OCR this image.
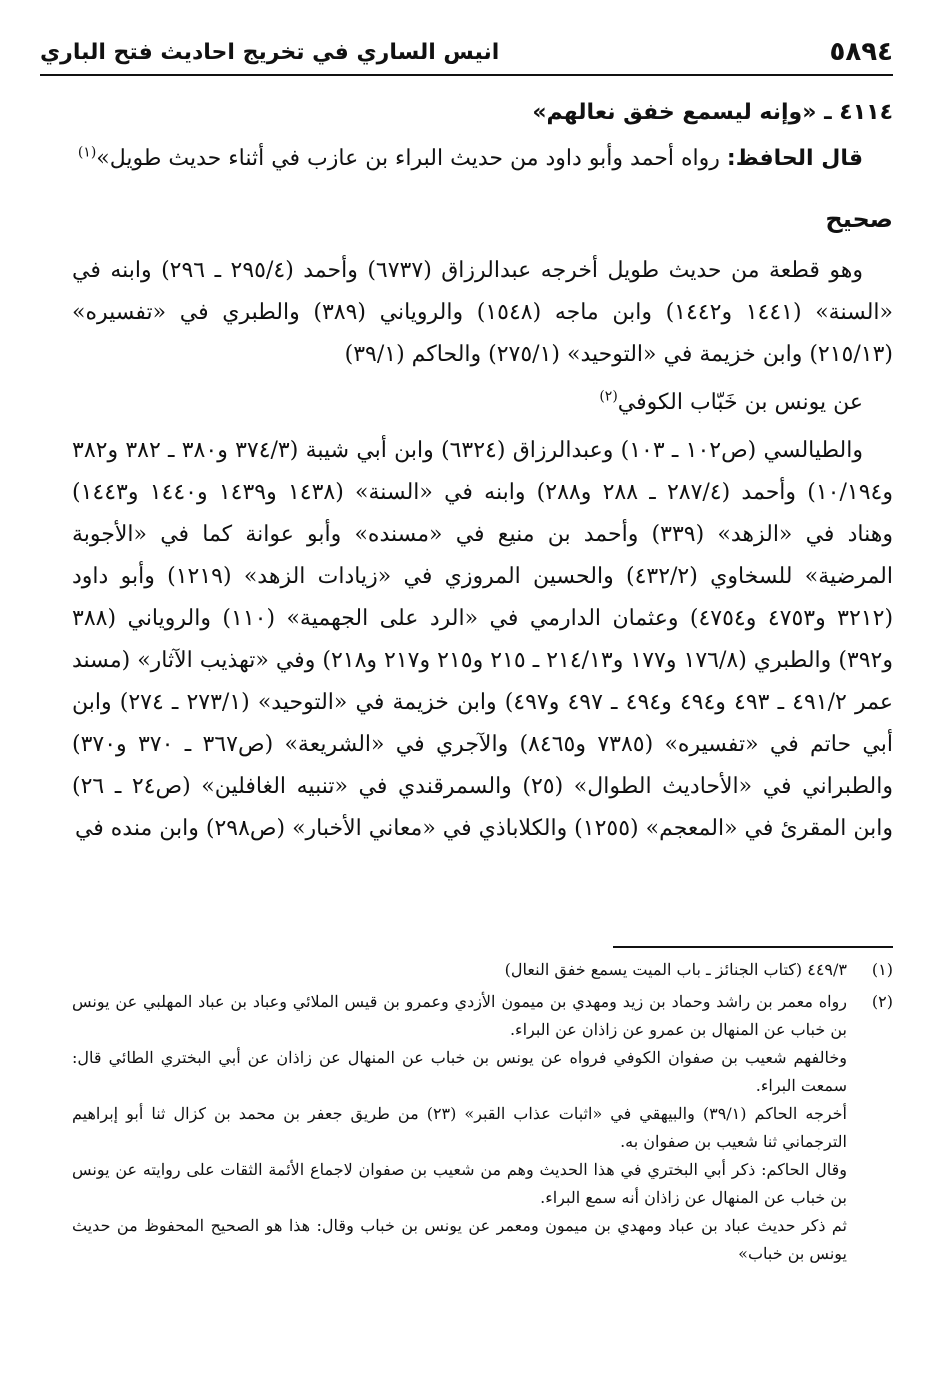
٥٨٩٤
انيس الساري في تخريج احاديث فتح الباري
٤١١٤ ـ «وإنه ليسمع خفق نعالهم»

قال الحافظ: رواه أحمد وأبو داود من حديث البراء بن عازب في أثناء حديث طويل»$^{(١)}$

صحيح

وهو قطعة من حديث طويل أخرجه عبدالرزاق (٦٧٣٧) وأحمد (٢٩٥/٤ ـ ٢٩٦) وابنه في «السنة» (١٤٤١ و١٤٤٢) وابن ماجه (١٥٤٨) والروياني (٣٨٩) والطبري في «تفسيره» (٢١٥/١٣) وابن خزيمة في «التوحيد» (٢٧٥/١) والحاكم (٣٩/١)

عن يونس بن خَبّاب الكوفي$^{(٢)}$

والطيالسي (ص١٠٢ ـ ١٠٣) وعبدالرزاق (٦٣٢٤) وابن أبي شيبة (٣٧٤/٣ و٣٨٠ ـ ٣٨٢ و٣٨٢ و١٠/١٩٤) وأحمد (٢٨٧/٤ ـ ٢٨٨ و٢٨٨) وابنه في «السنة» (١٤٣٨ و١٤٣٩ و١٤٤٠ و١٤٤٣) وهناد في «الزهد» (٣٣٩) وأحمد بن منيع في «مسنده» وأبو عوانة كما في «الأجوبة المرضية» للسخاوي (٤٣٢/٢) والحسين المروزي في «زيادات الزهد» (١٢١٩) وأبو داود (٣٢١٢ و٤٧٥٣ و٤٧٥٤) وعثمان الدارمي في «الرد على الجهمية» (١١٠) والروياني (٣٨٨ و٣٩٢) والطبري (١٧٦/٨ و١٧٧ و٢١٤/١٣ ـ ٢١٥ و٢١٥ و٢١٧ و٢١٨) وفي «تهذيب الآثار» (مسند عمر ٤٩١/٢ ـ ٤٩٣ و٤٩٤ و٤٩٤ ـ ٤٩٧ و٤٩٧) وابن خزيمة في «التوحيد» (٢٧٣/١ ـ ٢٧٤) وابن أبي حاتم في «تفسيره» (٧٣٨٥ و٨٤٦٥) والآجري في «الشريعة» (ص٣٦٧ ـ ٣٧٠ و٣٧٠) والطبراني في «الأحاديث الطوال» (٢٥) والسمرقندي في «تنبيه الغافلين» (ص٢٤ ـ ٢٦) وابن المقرئ في «المعجم» (١٢٥٥) والكلاباذي في «معاني الأخبار» (ص٢٩٨) وابن منده في

(١)
٤٤٩/٣ (كتاب الجنائز ـ باب الميت يسمع خفق النعال)
(٢)
رواه معمر بن راشد وحماد بن زيد ومهدي بن ميمون الأزدي وعمرو بن قيس الملائي وعباد بن عباد المهلبي عن يونس بن خباب عن المنهال بن عمرو عن زاذان عن البراء.
وخالفهم شعيب بن صفوان الكوفي فرواه عن يونس بن خباب عن المنهال عن زاذان عن أبي البختري الطائي قال: سمعت البراء.
أخرجه الحاكم (٣٩/١) والبيهقي في «اثبات عذاب القبر» (٢٣) من طريق جعفر بن محمد بن كزال ثنا أبو إبراهيم الترجماني ثنا شعيب بن صفوان به.
وقال الحاكم: ذكر أبي البختري في هذا الحديث وهم من شعيب بن صفوان لاجماع الأئمة الثقات على روايته عن يونس بن خباب عن المنهال عن زاذان أنه سمع البراء.
ثم ذكر حديث عباد بن عباد ومهدي بن ميمون ومعمر عن يونس بن خباب وقال: هذا هو الصحيح المحفوظ من حديث يونس بن خباب»
